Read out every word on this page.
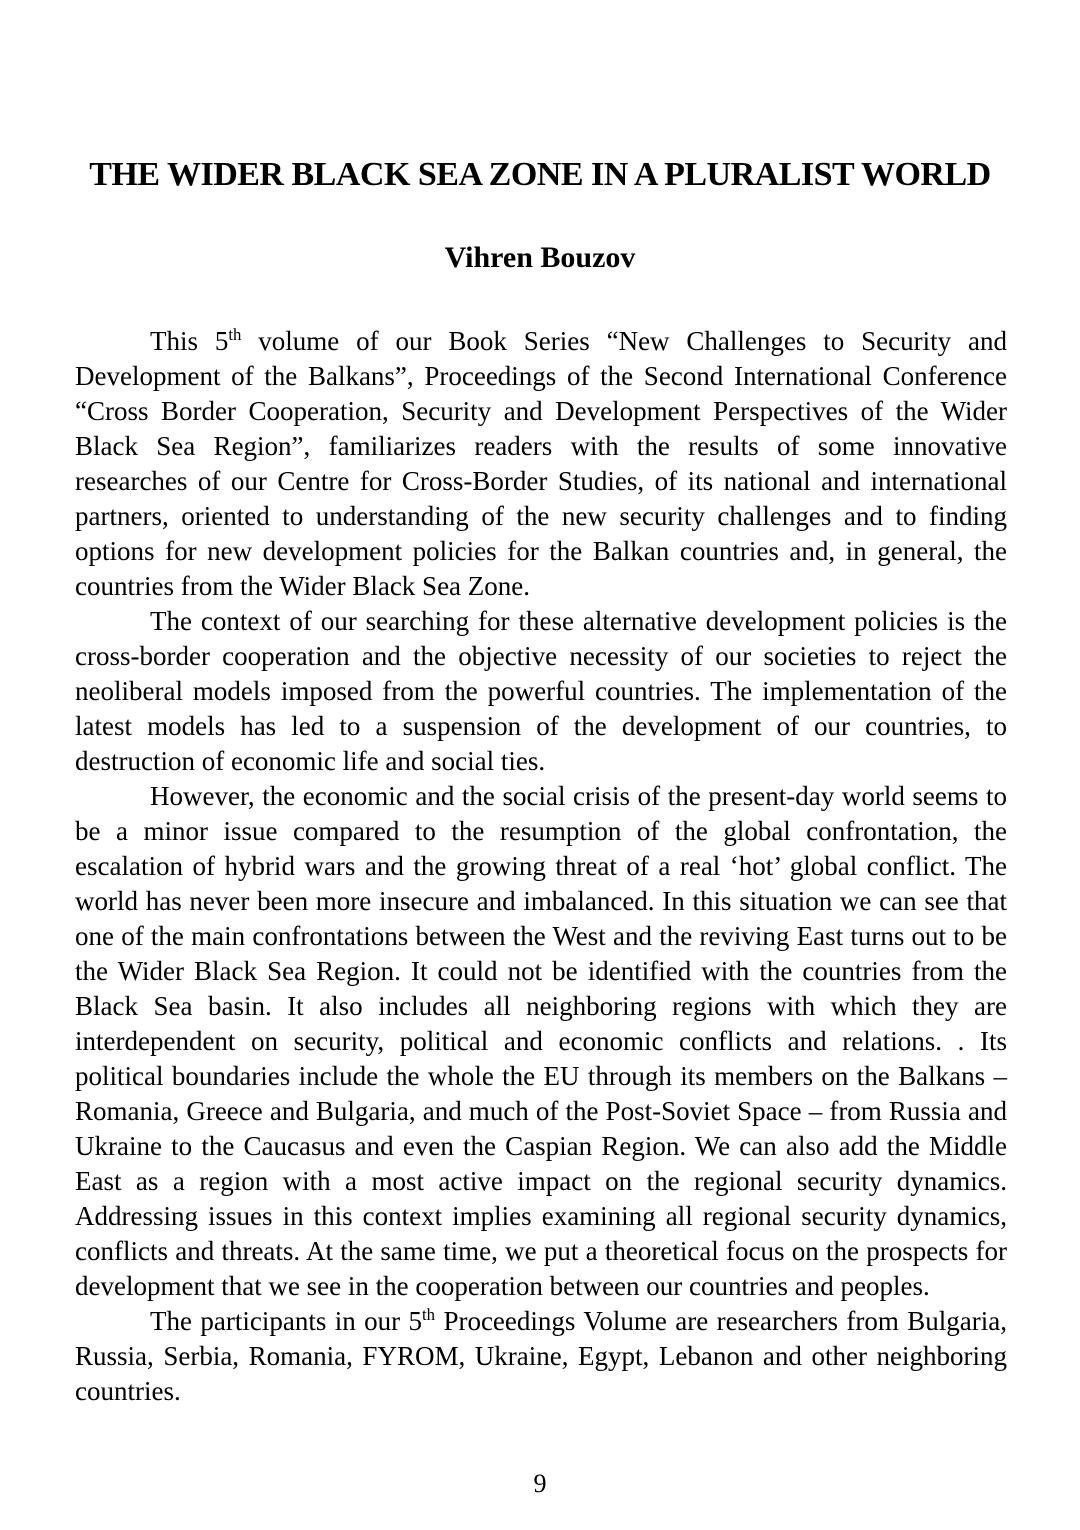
THE WIDER BLACK SEA ZONE IN A PLURALIST WORLD
Vihren Bouzov

This 5th volume of our Book Series “New Challenges to Security and Development of the Balkans”, Proceedings of the Second International Conference “Cross Border Cooperation, Security and Development Perspectives of the Wider Black Sea Region”, familiarizes readers with the results of some innovative researches of our Centre for Cross-Border Studies, of its national and international partners, oriented to understanding of the new security challenges and to finding options for new development policies for the Balkan countries and, in general, the countries from the Wider Black Sea Zone.

The context of our searching for these alternative development policies is the cross-border cooperation and the objective necessity of our societies to reject the neoliberal models imposed from the powerful countries. The implementation of the latest models has led to a suspension of the development of our countries, to destruction of economic life and social ties.

However, the economic and the social crisis of the present-day world seems to be a minor issue compared to the resumption of the global confrontation, the escalation of hybrid wars and the growing threat of a real ‘hot’ global conflict. The world has never been more insecure and imbalanced. In this situation we can see that one of the main confrontations between the West and the reviving East turns out to be the Wider Black Sea Region. It could not be identified with the countries from the Black Sea basin. It also includes all neighboring regions with which they are interdependent on security, political and economic conflicts and relations. . Its political boundaries include the whole the EU through its members on the Balkans – Romania, Greece and Bulgaria, and much of the Post-Soviet Space – from Russia and Ukraine to the Caucasus and even the Caspian Region. We can also add the Middle East as a region with a most active impact on the regional security dynamics. Addressing issues in this context implies examining all regional security dynamics, conflicts and threats. At the same time, we put a theoretical focus on the prospects for development that we see in the cooperation between our countries and peoples.

The participants in our 5th Proceedings Volume are researchers from Bulgaria, Russia, Serbia, Romania, FYROM, Ukraine, Egypt, Lebanon and other neighboring countries.

9
